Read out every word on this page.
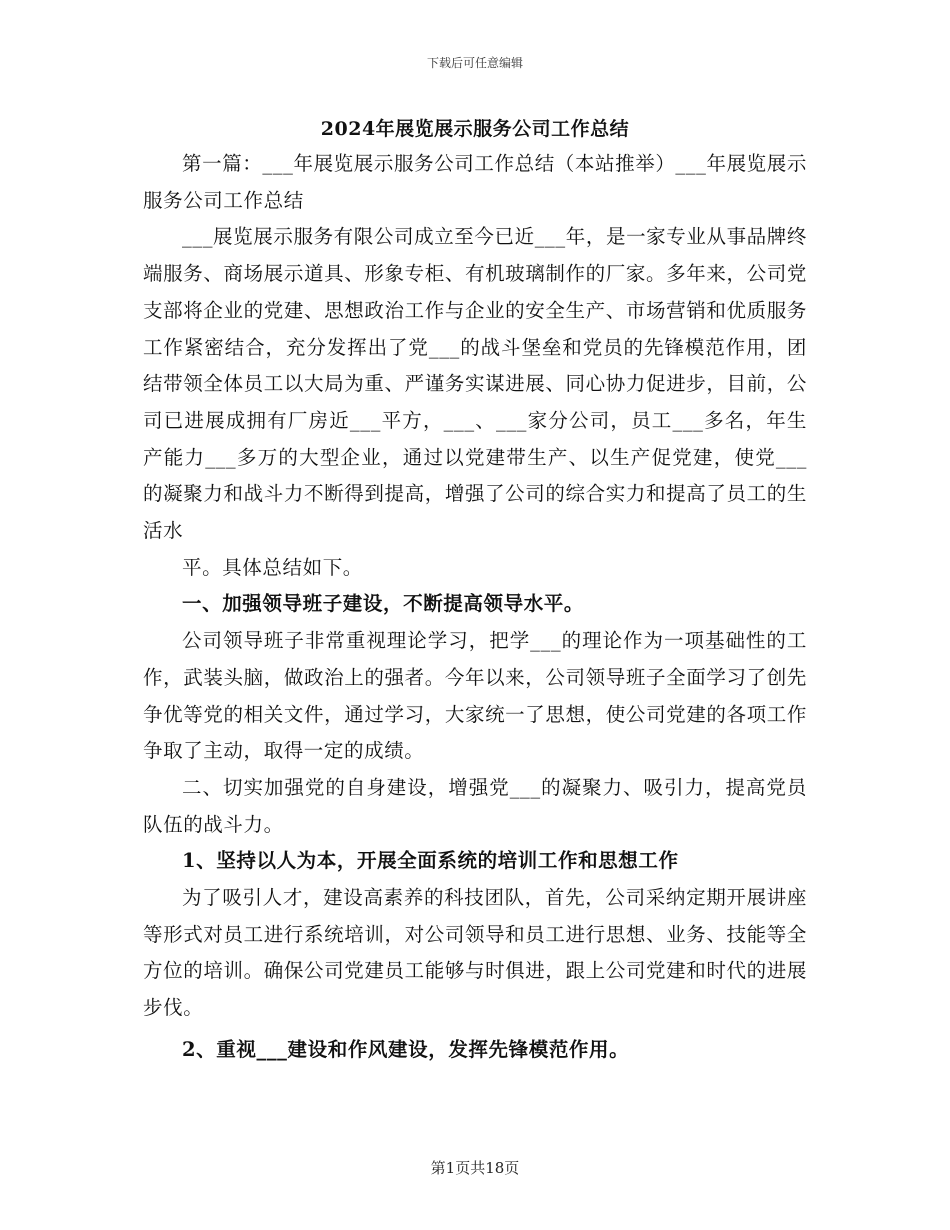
下载后可任意编辑
2024年展览展示服务公司工作总结

第一篇：___年展览展示服务公司工作总结（本站推举）___年展览展示服务公司工作总结

___展览展示服务有限公司成立至今已近___年，是一家专业从事品牌终端服务、商场展示道具、形象专柜、有机玻璃制作的厂家。多年来，公司党支部将企业的党建、思想政治工作与企业的安全生产、市场营销和优质服务工作紧密结合，充分发挥出了党___的战斗堡垒和党员的先锋模范作用，团结带领全体员工以大局为重、严谨务实谋进展、同心协力促进步，目前，公司已进展成拥有厂房近___平方，___、___家分公司，员工___多名，年生产能力___多万的大型企业，通过以党建带生产、以生产促党建，使党___的凝聚力和战斗力不断得到提高，增强了公司的综合实力和提高了员工的生活水

平。具体总结如下。

一、加强领导班子建设，不断提高领导水平。

公司领导班子非常重视理论学习，把学___的理论作为一项基础性的工作，武装头脑，做政治上的强者。今年以来，公司领导班子全面学习了创先争优等党的相关文件，通过学习，大家统一了思想，使公司党建的各项工作争取了主动，取得一定的成绩。

二、切实加强党的自身建设，增强党___的凝聚力、吸引力，提高党员队伍的战斗力。

1、坚持以人为本，开展全面系统的培训工作和思想工作

为了吸引人才，建设高素养的科技团队，首先，公司采纳定期开展讲座等形式对员工进行系统培训，对公司领导和员工进行思想、业务、技能等全方位的培训。确保公司党建员工能够与时俱进，跟上公司党建和时代的进展步伐。

2、重视___建设和作风建设，发挥先锋模范作用。

第1页共18页
